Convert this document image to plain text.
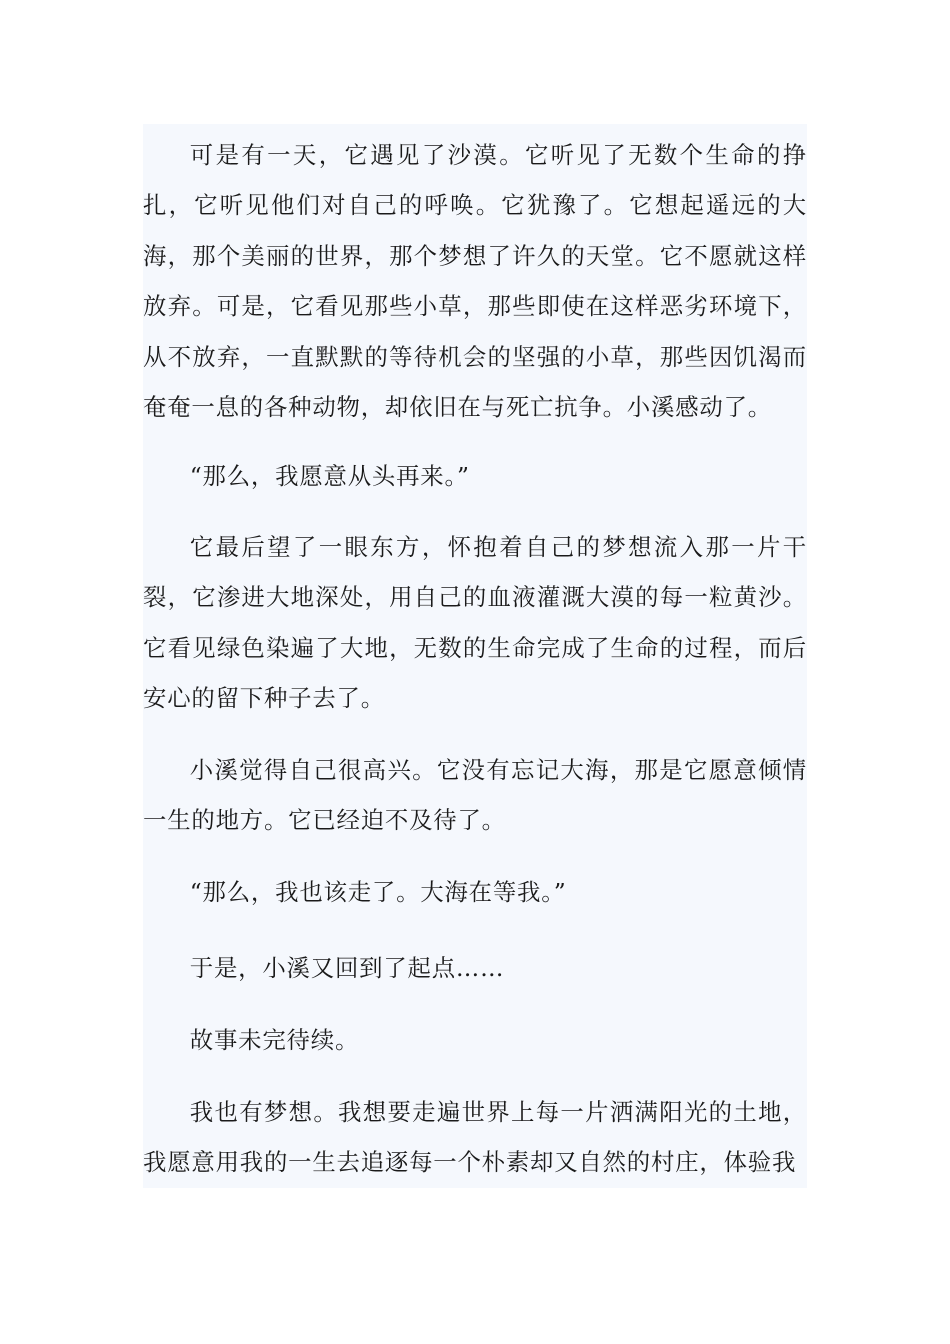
可是有一天，它遇见了沙漠。它听见了无数个生命的挣扎，它听见他们对自己的呼唤。它犹豫了。它想起遥远的大海，那个美丽的世界，那个梦想了许久的天堂。它不愿就这样放弃。可是，它看见那些小草，那些即使在这样恶劣环境下，从不放弃，一直默默的等待机会的坚强的小草，那些因饥渴而奄奄一息的各种动物，却依旧在与死亡抗争。小溪感动了。

“那么，我愿意从头再来。”

它最后望了一眼东方，怀抱着自己的梦想流入那一片干裂，它渗进大地深处，用自己的血液灌溉大漠的每一粒黄沙。它看见绿色染遍了大地，无数的生命完成了生命的过程，而后安心的留下种子去了。

小溪觉得自己很高兴。它没有忘记大海，那是它愿意倾情一生的地方。它已经迫不及待了。

“那么，我也该走了。大海在等我。”

于是，小溪又回到了起点……

故事未完待续。

我也有梦想。我想要走遍世界上每一片洒满阳光的土地，我愿意用我的一生去追逐每一个朴素却又自然的村庄，体验我
